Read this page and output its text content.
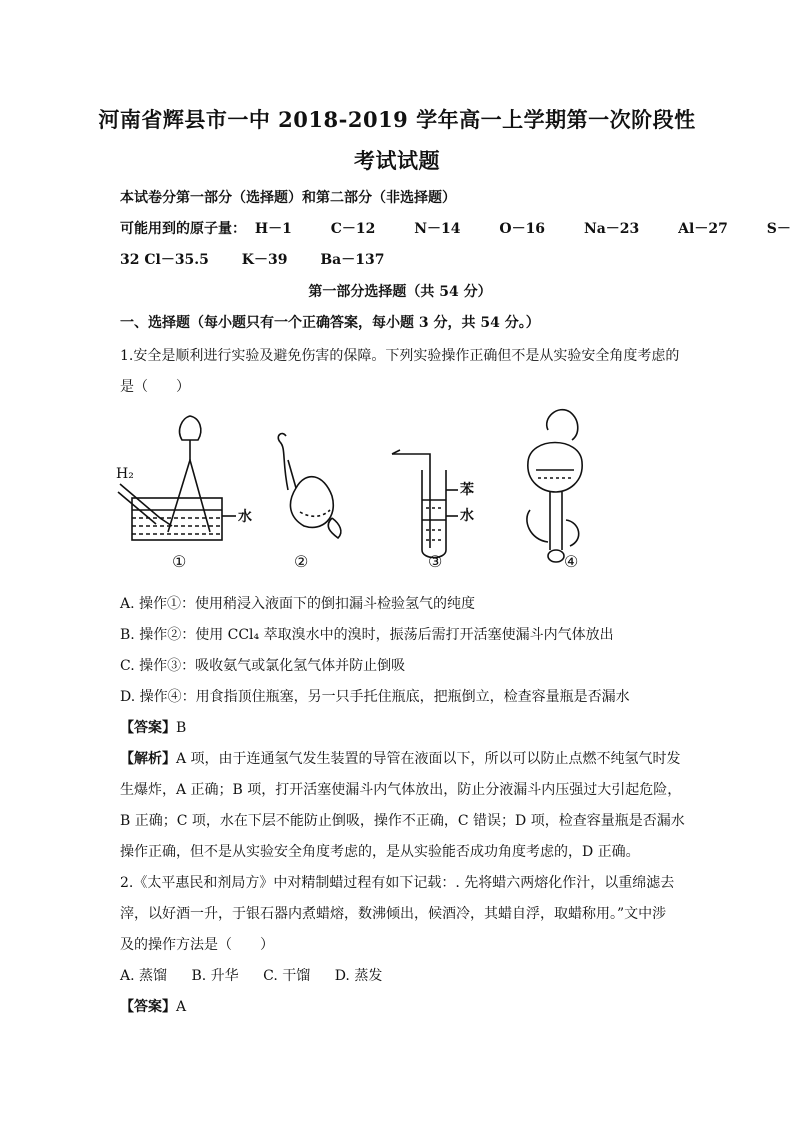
河南省辉县市一中 2018-2019 学年高一上学期第一次阶段性
考试试题
本试卷分第一部分（选择题）和第二部分（非选择题）
可能用到的原子量： H－1	C－12	N－14	O－16	Na－23	Al－27	S－
32 Cl－35.5 K－39 Ba－137
第一部分选择题（共 54 分）
一、选择题（每小题只有一个正确答案，每小题 3 分，共 54 分。）
1.安全是顺利进行实验及避免伤害的保障。下列实验操作正确但不是从实验安全角度考虑的
是（　　）
H₂
水
苯
水
①	②	③	④
A. 操作①：使用稍浸入液面下的倒扣漏斗检验氢气的纯度
B. 操作②：使用 CCl₄ 萃取溴水中的溴时，振荡后需打开活塞使漏斗内气体放出
C. 操作③：吸收氨气或氯化氢气体并防止倒吸
D. 操作④：用食指顶住瓶塞，另一只手托住瓶底，把瓶倒立，检查容量瓶是否漏水
【答案】B
【解析】A 项，由于连通氢气发生装置的导管在液面以下，所以可以防止点燃不纯氢气时发
生爆炸，A 正确；B 项，打开活塞使漏斗内气体放出，防止分液漏斗内压强过大引起危险，
B 正确；C 项，水在下层不能防止倒吸，操作不正确，C 错误；D 项，检查容量瓶是否漏水
操作正确，但不是从实验安全角度考虑的，是从实验能否成功角度考虑的，D 正确。
2.《太平惠民和剂局方》中对精制蜡过程有如下记载：. 先将蜡六两熔化作汁，以重绵滤去
滓，以好酒一升，于银石器内煮蜡熔，数沸倾出，候酒冷，其蜡自浮，取蜡称用。”文中涉
及的操作方法是（　　）
A. 蒸馏 B. 升华 C. 干馏 D. 蒸发
【答案】A
